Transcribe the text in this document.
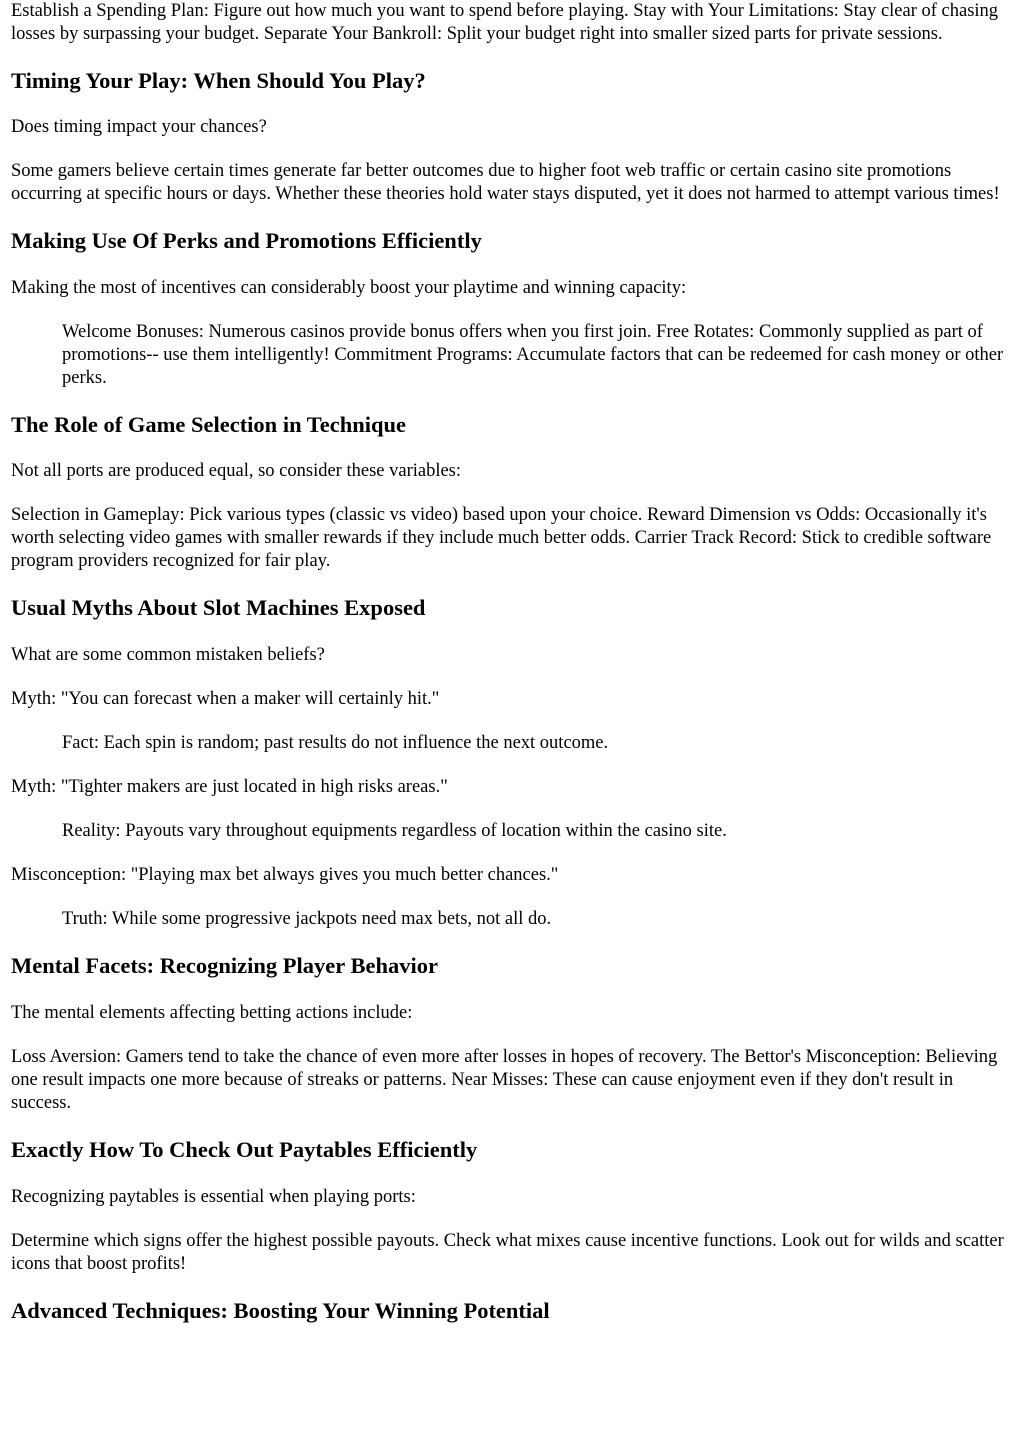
Establish a Spending Plan: Figure out how much you want to spend before playing. Stay with Your Limitations: Stay clear of chasing losses by surpassing your budget. Separate Your Bankroll: Split your budget right into smaller sized parts for private sessions.

Timing Your Play: When Should You Play?

Does timing impact your chances?

Some gamers believe certain times generate far better outcomes due to higher foot web traffic or certain casino site promotions occurring at specific hours or days. Whether these theories hold water stays disputed, yet it does not harmed to attempt various times!

Making Use Of Perks and Promotions Efficiently

Making the most of incentives can considerably boost your playtime and winning capacity:

Welcome Bonuses: Numerous casinos provide bonus offers when you first join. Free Rotates: Commonly supplied as part of promotions-- use them intelligently! Commitment Programs: Accumulate factors that can be redeemed for cash money or other perks.
The Role of Game Selection in Technique

Not all ports are produced equal, so consider these variables:

Selection in Gameplay: Pick various types (classic vs video) based upon your choice. Reward Dimension vs Odds: Occasionally it's worth selecting video games with smaller rewards if they include much better odds. Carrier Track Record: Stick to credible software program providers recognized for fair play.

Usual Myths About Slot Machines Exposed

What are some common mistaken beliefs?

Myth: "You can forecast when a maker will certainly hit."

Fact: Each spin is random; past results do not influence the next outcome.

Myth: "Tighter makers are just located in high risks areas."

Reality: Payouts vary throughout equipments regardless of location within the casino site.

Misconception: "Playing max bet always gives you much better chances."

Truth: While some progressive jackpots need max bets, not all do.
Mental Facets: Recognizing Player Behavior

The mental elements affecting betting actions include:

Loss Aversion: Gamers tend to take the chance of even more after losses in hopes of recovery. The Bettor's Misconception: Believing one result impacts one more because of streaks or patterns. Near Misses: These can cause enjoyment even if they don't result in success.

Exactly How To Check Out Paytables Efficiently

Recognizing paytables is essential when playing ports:

Determine which signs offer the highest possible payouts. Check what mixes cause incentive functions. Look out for wilds and scatter icons that boost profits!

Advanced Techniques: Boosting Your Winning Potential
